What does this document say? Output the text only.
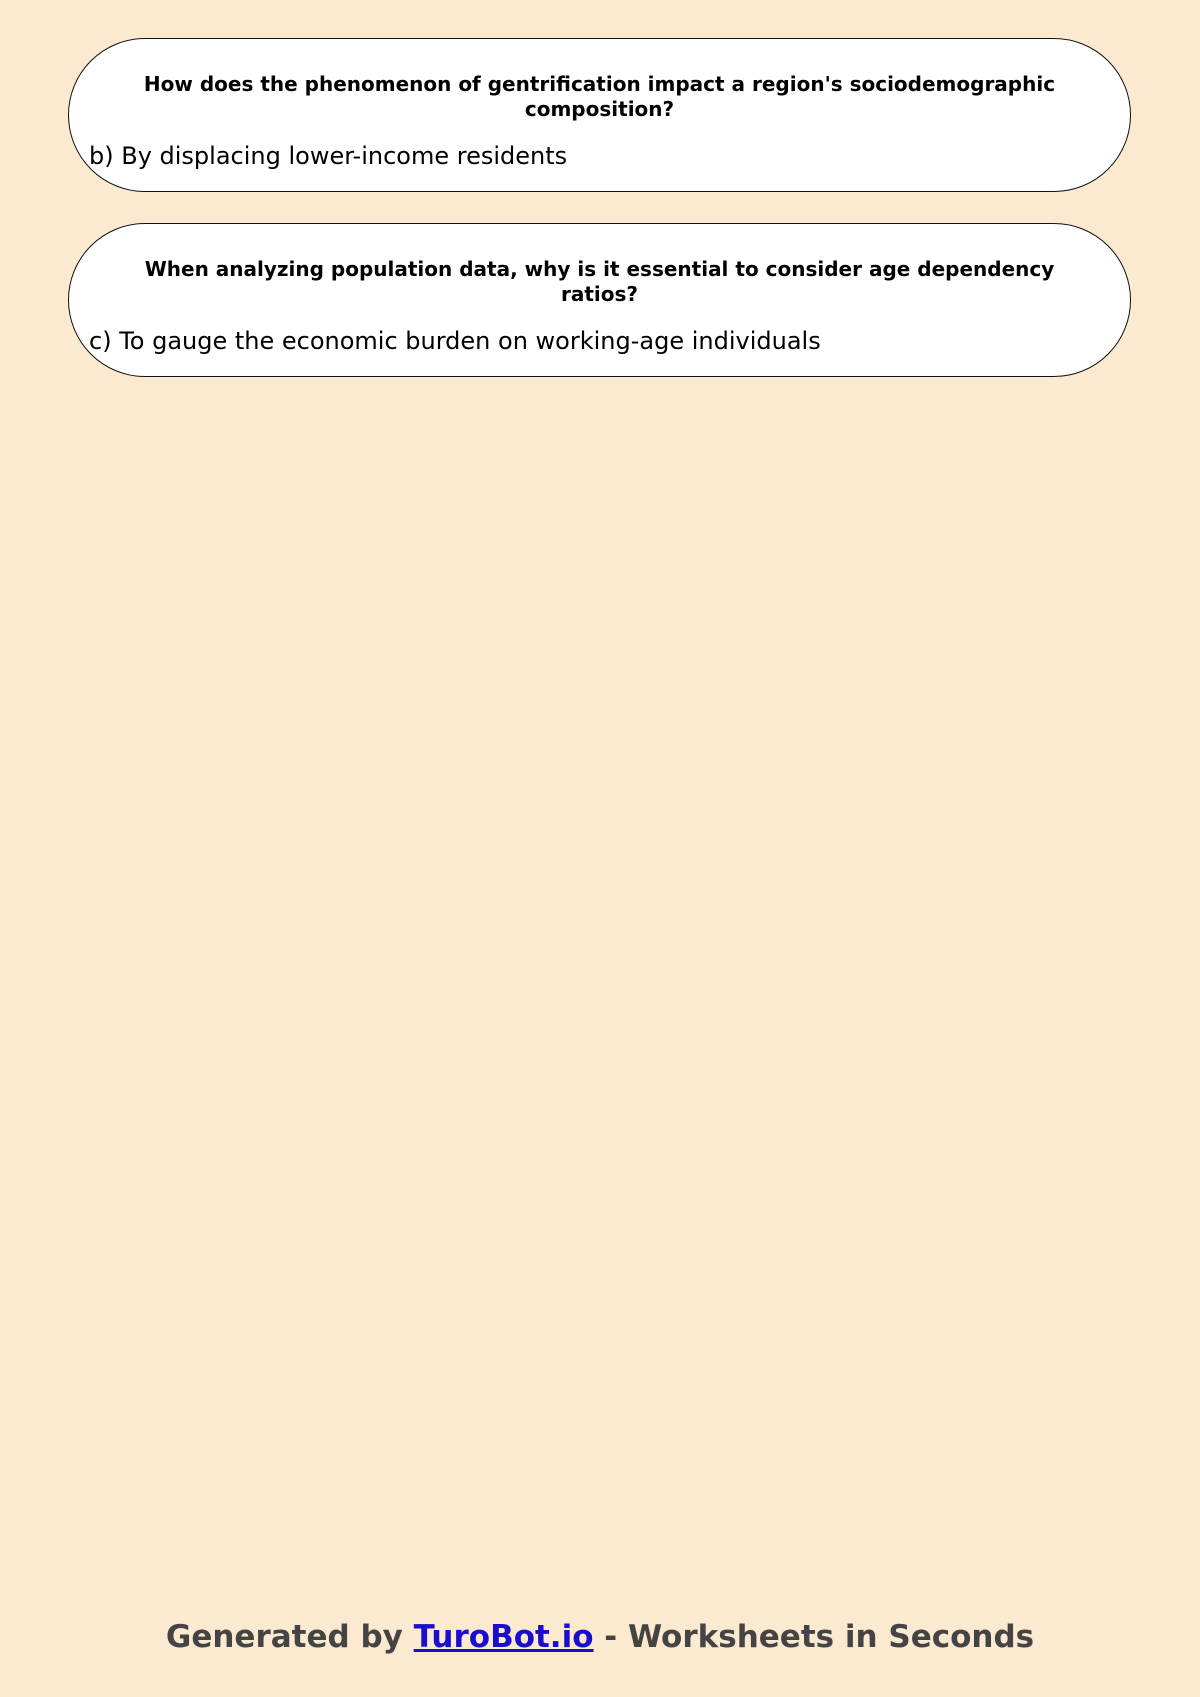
How does the phenomenon of gentrification impact a region's sociodemographic composition?
b) By displacing lower-income residents
When analyzing population data, why is it essential to consider age dependency ratios?
c) To gauge the economic burden on working-age individuals
Generated by TuroBot.io - Worksheets in Seconds
